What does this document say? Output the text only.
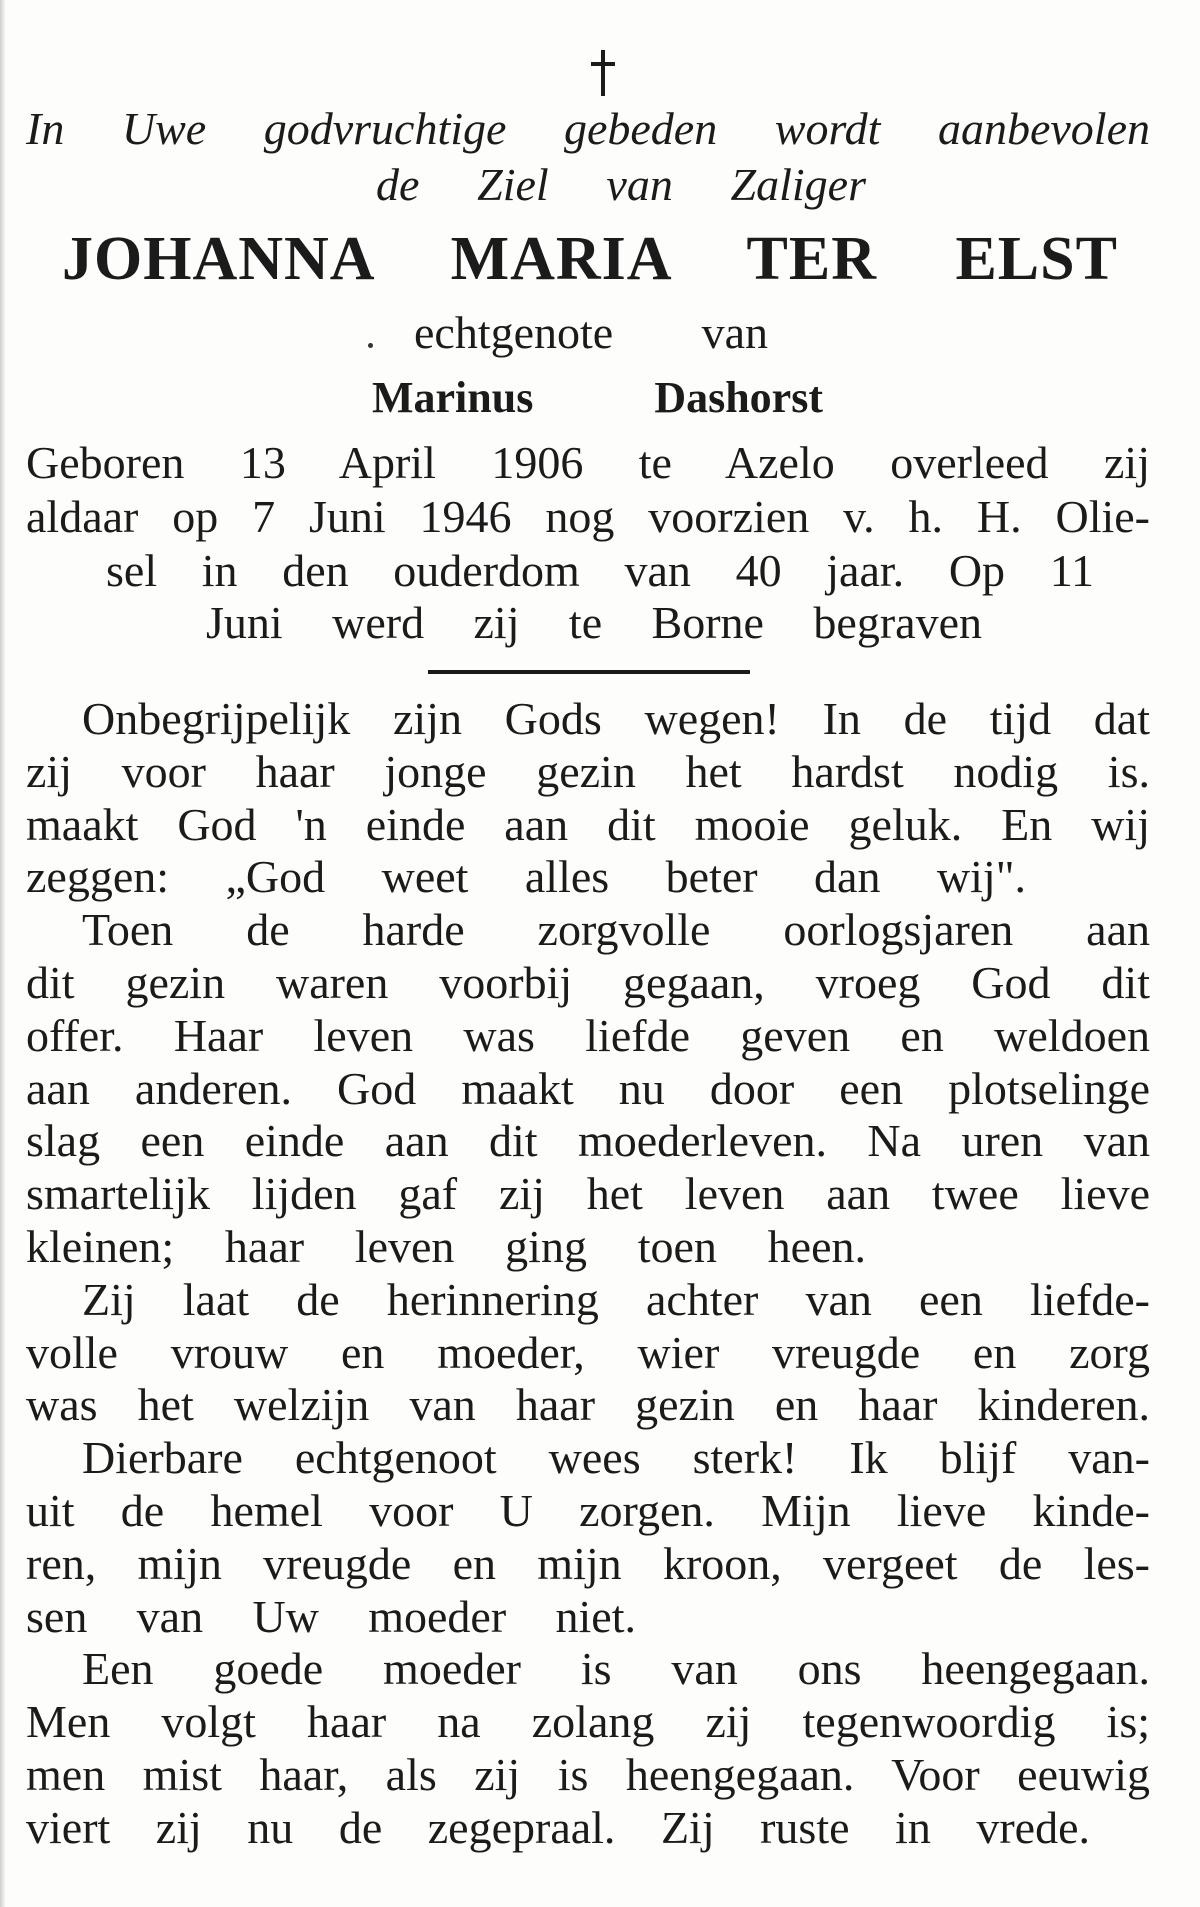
In Uwe godvruchtige gebeden wordt aanbevolen
de Ziel van Zaliger
JOHANNA MARIA TER ELST
echtgenote van
Marinus Dashorst
Geboren 13 April 1906 te Azelo overleed zij
aldaar op 7 Juni 1946 nog voorzien v. h. H. Olie-
sel in den ouderdom van 40 jaar. Op 11
Juni werd zij te Borne begraven
Onbegrijpelijk zijn Gods wegen! In de tijd dat
zij voor haar jonge gezin het hardst nodig is.
maakt God 'n einde aan dit mooie geluk. En wij
zeggen: „God weet alles beter dan wij".
Toen de harde zorgvolle oorlogsjaren aan
dit gezin waren voorbij gegaan, vroeg God dit
offer. Haar leven was liefde geven en weldoen
aan anderen. God maakt nu door een plotselinge
slag een einde aan dit moederleven. Na uren van
smartelijk lijden gaf zij het leven aan twee lieve
kleinen; haar leven ging toen heen.
Zij laat de herinnering achter van een liefde-
volle vrouw en moeder, wier vreugde en zorg
was het welzijn van haar gezin en haar kinderen.
Dierbare echtgenoot wees sterk! Ik blijf van-
uit de hemel voor U zorgen. Mijn lieve kinde-
ren, mijn vreugde en mijn kroon, vergeet de les-
sen van Uw moeder niet.
Een goede moeder is van ons heengegaan.
Men volgt haar na zolang zij tegenwoordig is;
men mist haar, als zij is heengegaan. Voor eeuwig
viert zij nu de zegepraal. Zij ruste in vrede.
